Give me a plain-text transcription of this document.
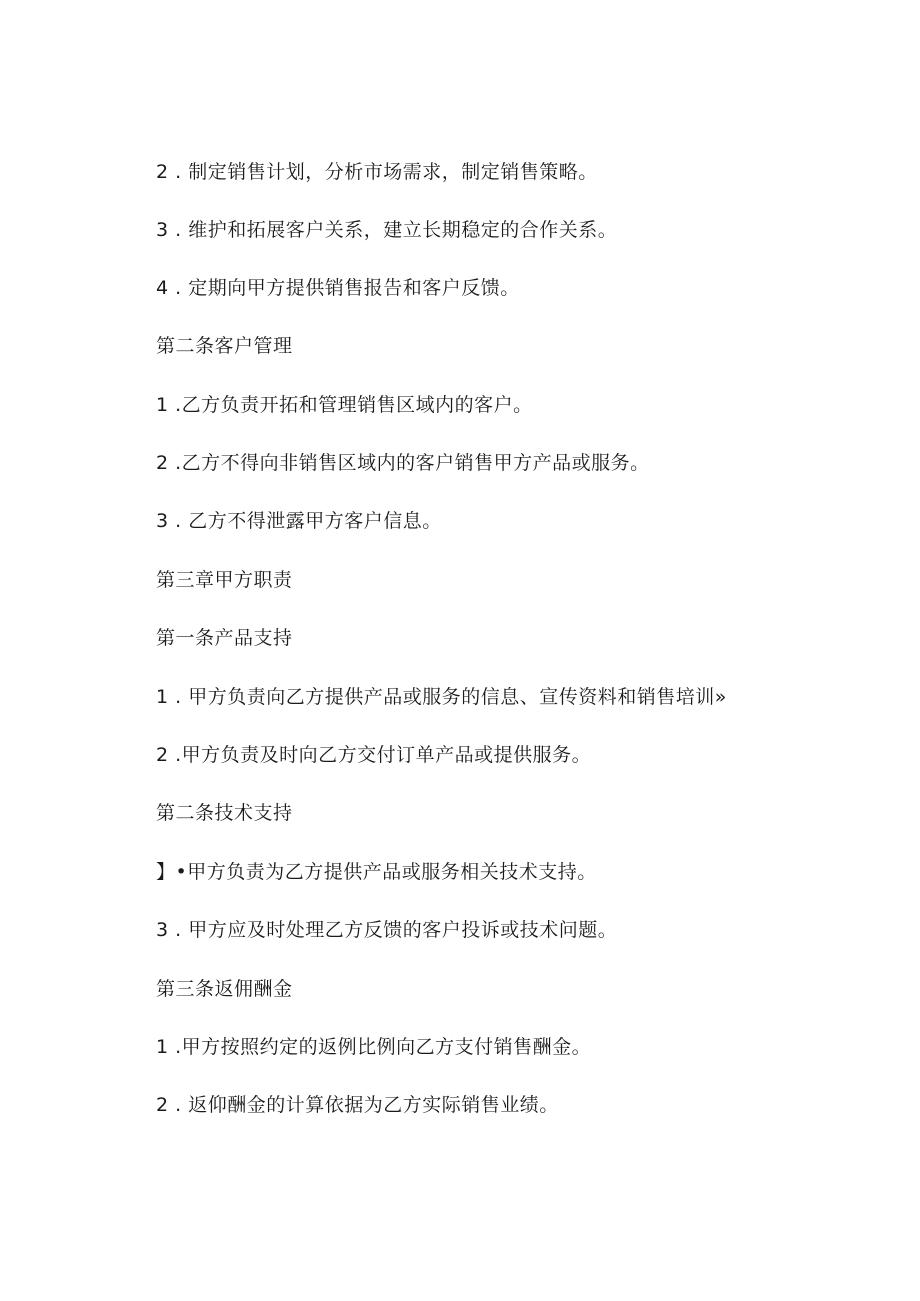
2 . 制定销售计划，分析市场需求，制定销售策略。
3 . 维护和拓展客户关系，建立长期稳定的合作关系。
4 . 定期向甲方提供销售报告和客户反馈。
第二条客户管理
1 .乙方负责开拓和管理销售区域内的客户。
2 .乙方不得向非销售区域内的客户销售甲方产品或服务。
3 . 乙方不得泄露甲方客户信息。
第三章甲方职责
第一条产品支持
1 . 甲方负责向乙方提供产品或服务的信息、宣传资料和销售培训»
2 .甲方负责及时向乙方交付订单产品或提供服务。
第二条技术支持
】•甲方负责为乙方提供产品或服务相关技术支持。
3 . 甲方应及时处理乙方反馈的客户投诉或技术问题。
第三条返佣酬金
1 .甲方按照约定的返例比例向乙方支付销售酬金。
2 . 返仰酬金的计算依据为乙方实际销售业绩。
